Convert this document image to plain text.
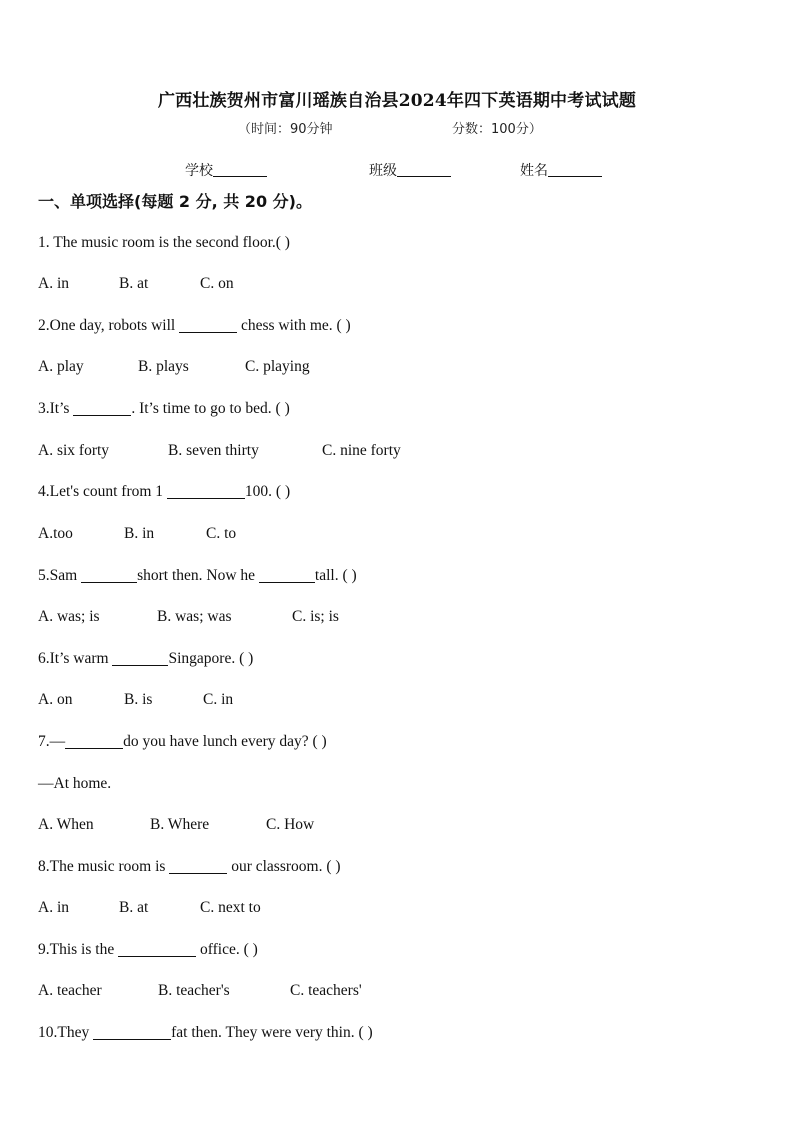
广西壮族贺州市富川瑶族自治县2024年四下英语期中考试试题
（时间：90分钟	分数：100分）
学校	班级	姓名
一、单项选择(每题 2 分, 共 20 分)。
1. The music room is the second floor.( )
A. in	B. at	C. on
2.One day, robots will	chess with me. ( )
A. play	B. plays	C. playing
3.It’s	. It’s time to go to bed. ( )
A. six forty	B. seven thirty	C. nine forty
4.Let's count from 1	100. ( )
A.too	B. in	C. to
5.Sam	short then. Now he	tall. ( )
A. was; is	B. was; was	C. is; is
6.It’s warm	Singapore. ( )
A. on	B. is	C. in
7.—	do you have lunch every day? ( )
—At home.
A. When	B. Where	C. How
8.The music room is	our classroom. ( )
A. in	B. at	C. next to
9.This is the	office. ( )
A. teacher	B. teacher's	C. teachers'
10.They	fat then. They were very thin. ( )
